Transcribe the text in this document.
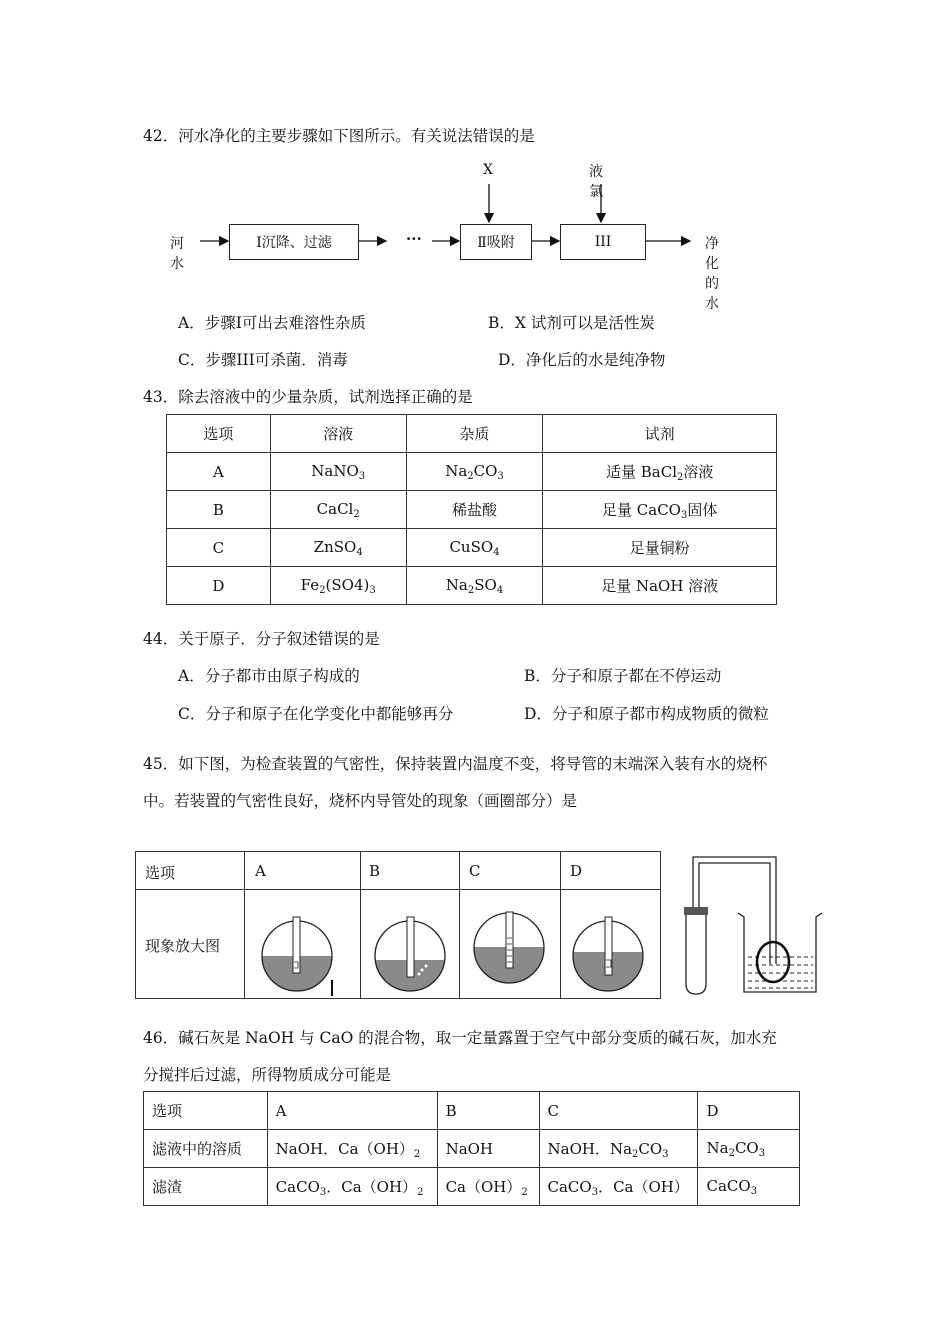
42．河水净化的主要步骤如下图所示。有关说法错误的是
河水
X	液氯
净化的水
Ⅰ沉降、过滤	···	Ⅱ吸附	III
A．步骤I可出去难溶性杂质	B．X 试剂可以是活性炭
C．步骤III可杀菌．消毒	D．净化后的水是纯净物
43．除去溶液中的少量杂质，试剂选择正确的是
选项	溶液	杂质	试剂
A	NaNO$_3$	$Na_2CO_3$	适量 BaCl$_2$溶液
B	CaCl$_2$	稀盐酸	足量 CaCO$_3$固体
C	ZnSO$_4$	CuSO$_4$	足量铜粉
D	$Fe_2(SO4)_3$	$Na_2SO_4$	足量 NaOH 溶液
44．关于原子．分子叙述错误的是
A．分子都市由原子构成的	B．分子和原子都在不停运动
C．分子和原子在化学变化中都能够再分	D．分子和原子都市构成物质的微粒
45．如下图，为检查装置的气密性，保持装置内温度不变，将导管的末端深入装有水的烧杯
中。若装置的气密性良好，烧杯内导管处的现象（画圈部分）是
选项	A	B	C	D
现象放大图
46．碱石灰是 NaOH 与 CaO 的混合物，取一定量露置于空气中部分变质的碱石灰，加水充
分搅拌后过滤，所得物质成分可能是
选项	A	B	C	D
滤液中的溶质	NaOH．$Ca(OH)_2$	NaOH	NaOH．$Na_2CO_3$	$Na_2CO_3$
滤渣	CaCO$_3$．$Ca(OH)_2$	$Ca(OH)_2$	CaCO$_3$．Ca（OH）	CaCO$_3$
